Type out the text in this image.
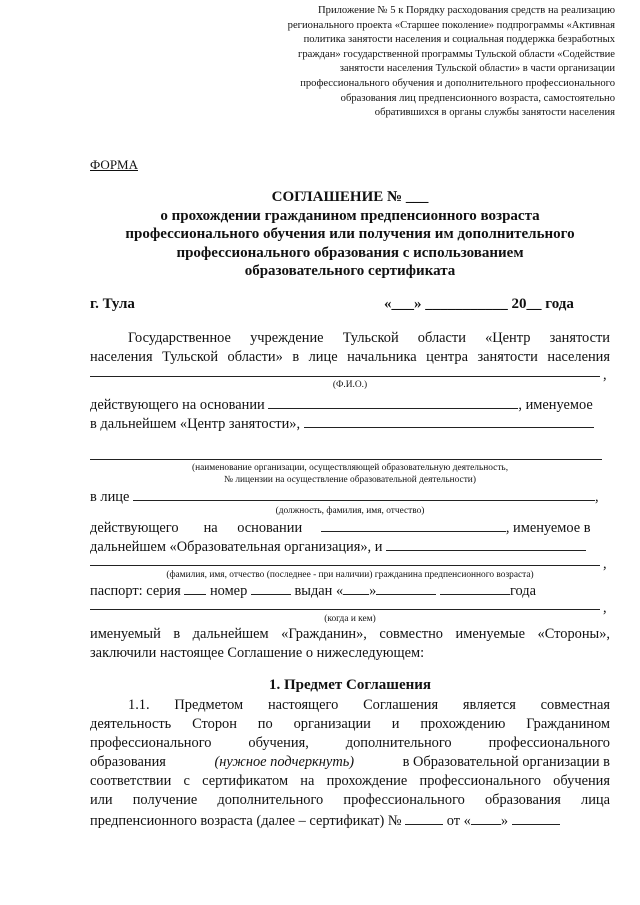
Приложение № 5 к Порядку расходования средств на реализацию
регионального проекта «Старшее поколение» подпрограммы «Активная
политика занятости населения и социальная поддержка безработных
граждан» государственной программы Тульской области «Содействие
занятости населения Тульской области» в части организации
профессионального обучения и дополнительного профессионального
образования лиц предпенсионного возраста, самостоятельно
обратившихся в органы службы занятости населения
ФОРМА
СОГЛАШЕНИЕ № ___
о прохождении гражданином предпенсионного возраста
профессионального обучения или получения им дополнительного
профессионального образования с использованием
образовательного сертификата
г. Тула	«___» ___________ 20__ года
Государственное учреждение Тульской области «Центр занятости
населения Тульской области» в лице начальника центра занятости населения
,
(Ф.И.О.)
действующего на основании	, именуемое
в дальнейшем «Центр занятости»,
(наименование организации, осуществляющей образовательную деятельность,
№ лицензии на осуществление образовательной деятельности)
в лице	,
(должность, фамилия, имя, отчество)
действующего на основании	, именуемое в
дальнейшем «Образовательная организация», и
,
(фамилия, имя, отчество (последнее - при наличии) гражданина предпенсионного возраста)
паспорт: серия номер	выдан « »	года
,
(когда и кем)
именуемый в дальнейшем «Гражданин», совместно именуемые «Стороны»,
заключили настоящее Соглашение о нижеследующем:
1. Предмет Соглашения
1.1. Предметом настоящего Соглашения является совместная
деятельность Сторон по организации и прохождению Гражданином
профессионального обучения, дополнительного профессионального
образования	(нужное подчеркнуть)	в Образовательной организации в
соответствии с сертификатом на прохождение профессионального обучения
или получение дополнительного профессионального образования лица
предпенсионного возраста (далее – сертификат) №	от « »
